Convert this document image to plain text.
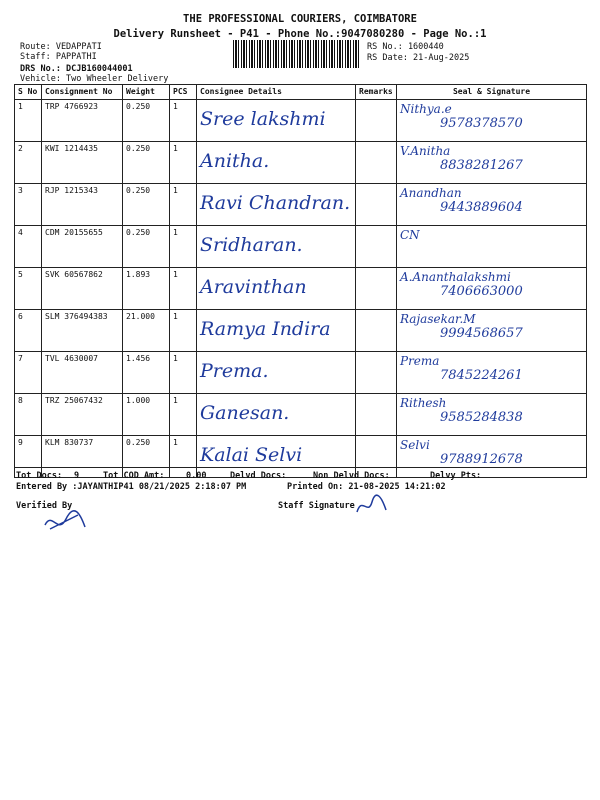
THE PROFESSIONAL COURIERS, COIMBATORE
Delivery Runsheet - P41 - Phone No.:9047080280 - Page No.:1
Route: VEDAPPATI
Staff: PAPPATHI
DRS No.: DCJB160044001
Vehicle: Two Wheeler Delivery
RS No.: 1600440
RS Date: 21-Aug-2025
S No	Consignment No	Weight	PCS	Consignee Details	Remarks	Seal & Signature
1	TRP 4766923	0.250	1	Sree lakshmi		Nithya.e
9578378570

2	KWI 1214435	0.250	1	Anitha.		V.Anitha
8838281267

3	RJP 1215343	0.250	1	Ravi Chandran.		Anandhan
9443889604

4	CDM 20155655	0.250	1	Sridharan.		CN

5	SVK 60567862	1.893	1	Aravinthan		A.Ananthalakshmi
7406663000

6	SLM 376494383	21.000	1	Ramya Indira		Rajasekar.M
9994568657

7	TVL 4630007	1.456	1	Prema.		Prema
7845224261

8	TRZ 25067432	1.000	1	Ganesan.		Rithesh
9585284838

9	KLM 830737	0.250	1	Kalai Selvi		Selvi
9788912678
Tot Docs: 9	Tot COD Amt:	0.00	Delvd Docs:	Non Delvd Docs:	Delvy Pts:
Entered By :JAYANTHIP41 08/21/2025 2:18:07 PM	Printed On: 21-08-2025 14:21:02
Verified By	Staff Signature
